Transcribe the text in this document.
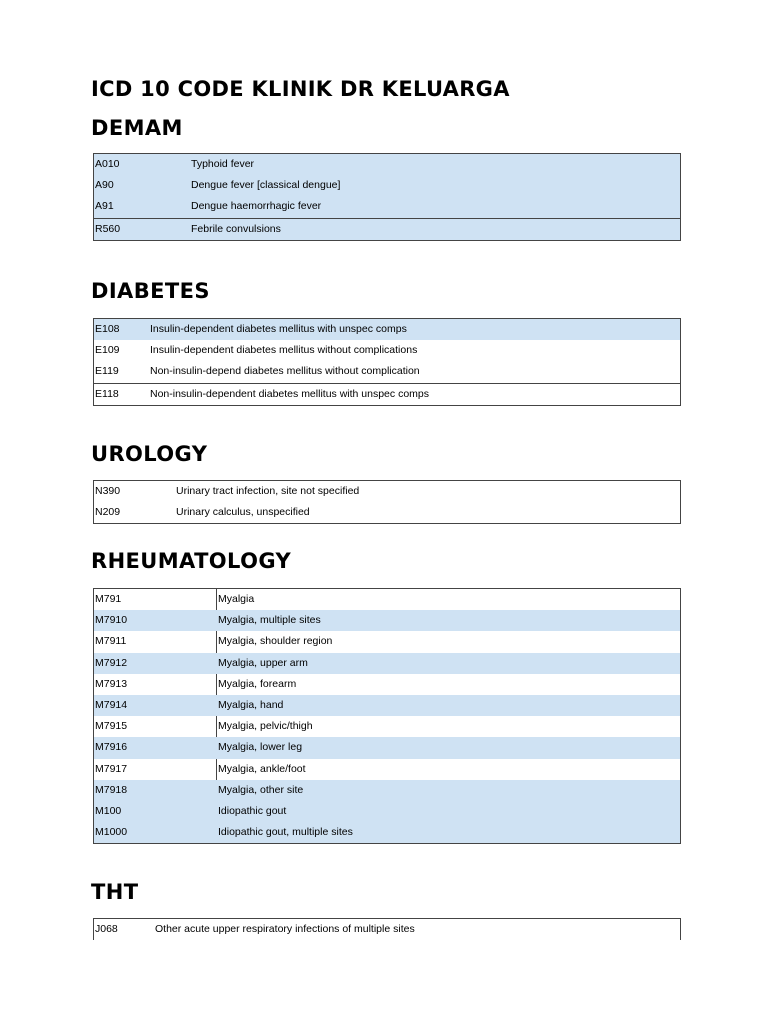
ICD 10 CODE KLINIK DR KELUARGA
DEMAM
A010	Typhoid fever
A90	Dengue fever [classical dengue]
A91	Dengue haemorrhagic fever
R560	Febrile convulsions
DIABETES
E108	Insulin-dependent diabetes mellitus with unspec comps
E109	Insulin-dependent diabetes mellitus without complications
E119	Non-insulin-depend diabetes mellitus without complication
E118	Non-insulin-dependent diabetes mellitus with unspec comps
UROLOGY
N390	Urinary tract infection, site not specified
N209	Urinary calculus, unspecified
RHEUMATOLOGY
M791	Myalgia
M7910	Myalgia, multiple sites
M7911	Myalgia, shoulder region
M7912	Myalgia, upper arm
M7913	Myalgia, forearm
M7914	Myalgia, hand
M7915	Myalgia, pelvic/thigh
M7916	Myalgia, lower leg
M7917	Myalgia, ankle/foot
M7918	Myalgia, other site
M100	Idiopathic gout
M1000	Idiopathic gout, multiple sites
THT
J068	Other acute upper respiratory infections of multiple sites
